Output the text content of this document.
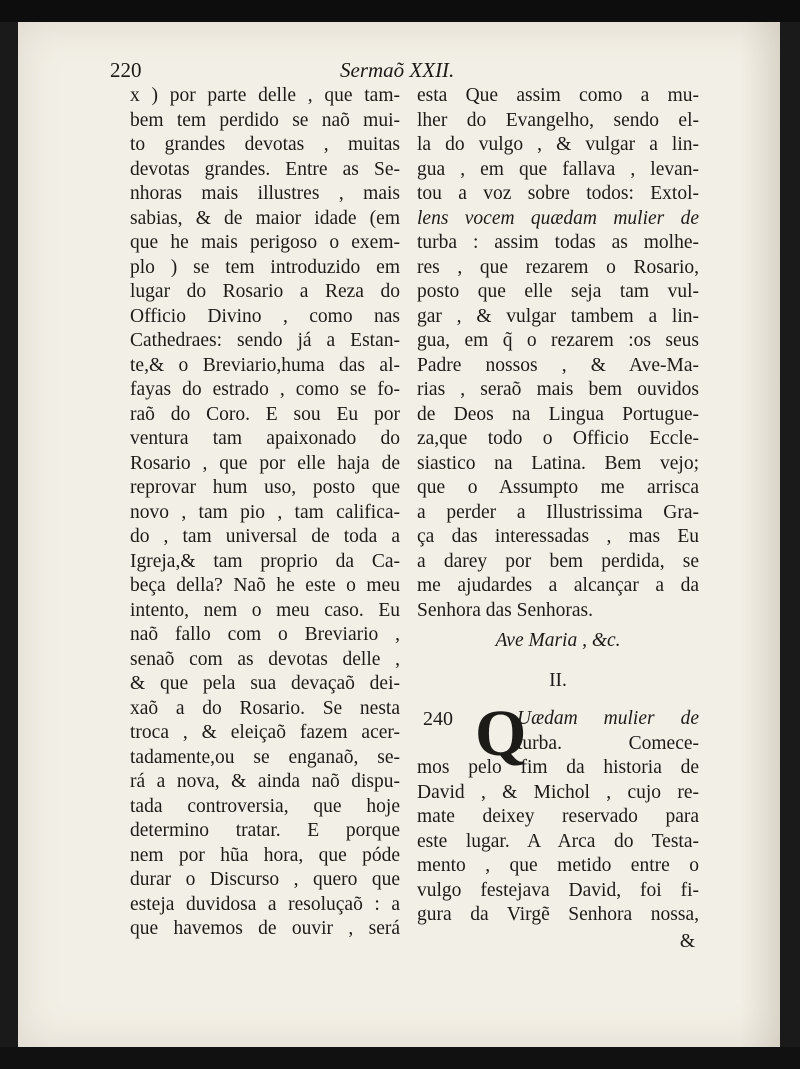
220	Sermaõ XXII.
x ) por parte delle , que tam-
bem tem perdido se naõ mui-
to grandes devotas , muitas
devotas grandes. Entre as Se-
nhoras mais illustres , mais
sabias, & de maior idade (em
que he mais perigoso o exem-
plo ) se tem introduzido em
lugar do Rosario a Reza do
Officio Divino , como nas
Cathedraes: sendo já a Estan-
te,& o Breviario,huma das al-
fayas do estrado , como se fo-
raõ do Coro. E sou Eu por
ventura tam apaixonado do
Rosario , que por elle haja de
reprovar hum uso, posto que
novo , tam pio , tam califica-
do , tam universal de toda a
Igreja,& tam proprio da Ca-
beça della? Naõ he este o meu
intento, nem o meu caso. Eu
naõ fallo com o Breviario ,
senaõ com as devotas delle ,
& que pela sua devaçaõ dei-
xaõ a do Rosario. Se nesta
troca , & eleiçaõ fazem acer-
tadamente,ou se enganaõ, se-
rá a nova, & ainda naõ dispu-
tada controversia, que hoje
determino tratar. E porque
nem por hũa hora, que póde
durar o Discurso , quero que
esteja duvidosa a resoluçaõ : a
que havemos de ouvir , será
esta Que assim como a mu-
lher do Evangelho, sendo el-
la do vulgo , & vulgar a lin-
gua , em que fallava , levan-
tou a voz sobre todos: Extol-
lens vocem quædam mulier de
turba : assim todas as molhe-
res , que rezarem o Rosario,
posto que elle seja tam vul-
gar , & vulgar tambem a lin-
gua, em q̃ o rezarem :os seus
Padre nossos , & Ave-Ma-
rias , seraõ mais bem ouvidos
de Deos na Lingua Portugue-
za,que todo o Officio Eccle-
siastico na Latina. Bem vejo;
que o Assumpto me arrisca
a perder a Illustrissima Gra-
ça das interessadas , mas Eu
a darey por bem perdida, se
me ajudardes a alcançar a da
Senhora das Senhoras.
Ave Maria , &c.
II.
240 Q
Uædam mulier de
turba. Comece-
mos pelo fim da historia de
David , & Michol , cujo re-
mate deixey reservado para
este lugar. A Arca do Testa-
mento , que metido entre o
vulgo festejava David, foi fi-
gura da Virgẽ Senhora nossa,
&
